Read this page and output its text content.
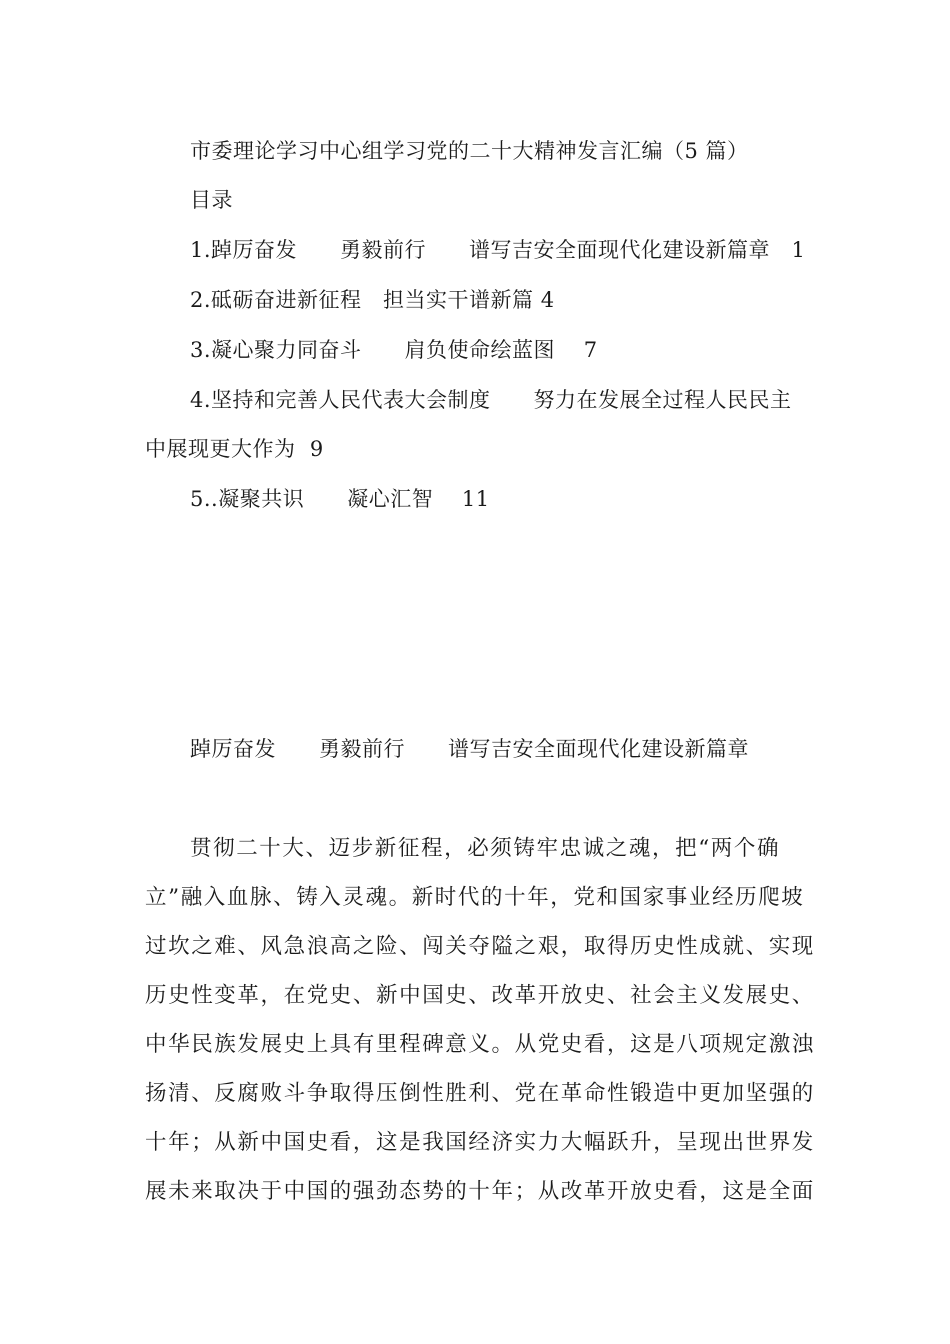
市委理论学习中心组学习党的二十大精神发言汇编（5 篇）
目录
1.踔厉奋发　　勇毅前行　　谱写吉安全面现代化建设新篇章　1
2.砥砺奋进新征程　担当实干谱新篇 4
3.凝心聚力同奋斗　　肩负使命绘蓝图　 7
4.坚持和完善人民代表大会制度　　努力在发展全过程人民民主
中展现更大作为  9
5..凝聚共识　　凝心汇智　 11
踔厉奋发　　勇毅前行　　谱写吉安全面现代化建设新篇章
贯彻二十大、迈步新征程，必须铸牢忠诚之魂，把“两个确
立”融入血脉、铸入灵魂。新时代的十年，党和国家事业经历爬坡
过坎之难、风急浪高之险、闯关夺隘之艰，取得历史性成就、实现
历史性变革，在党史、新中国史、改革开放史、社会主义发展史、
中华民族发展史上具有里程碑意义。从党史看，这是八项规定激浊
扬清、反腐败斗争取得压倒性胜利、党在革命性锻造中更加坚强的
十年；从新中国史看，这是我国经济实力大幅跃升，呈现出世界发
展未来取决于中国的强劲态势的十年；从改革开放史看，这是全面
